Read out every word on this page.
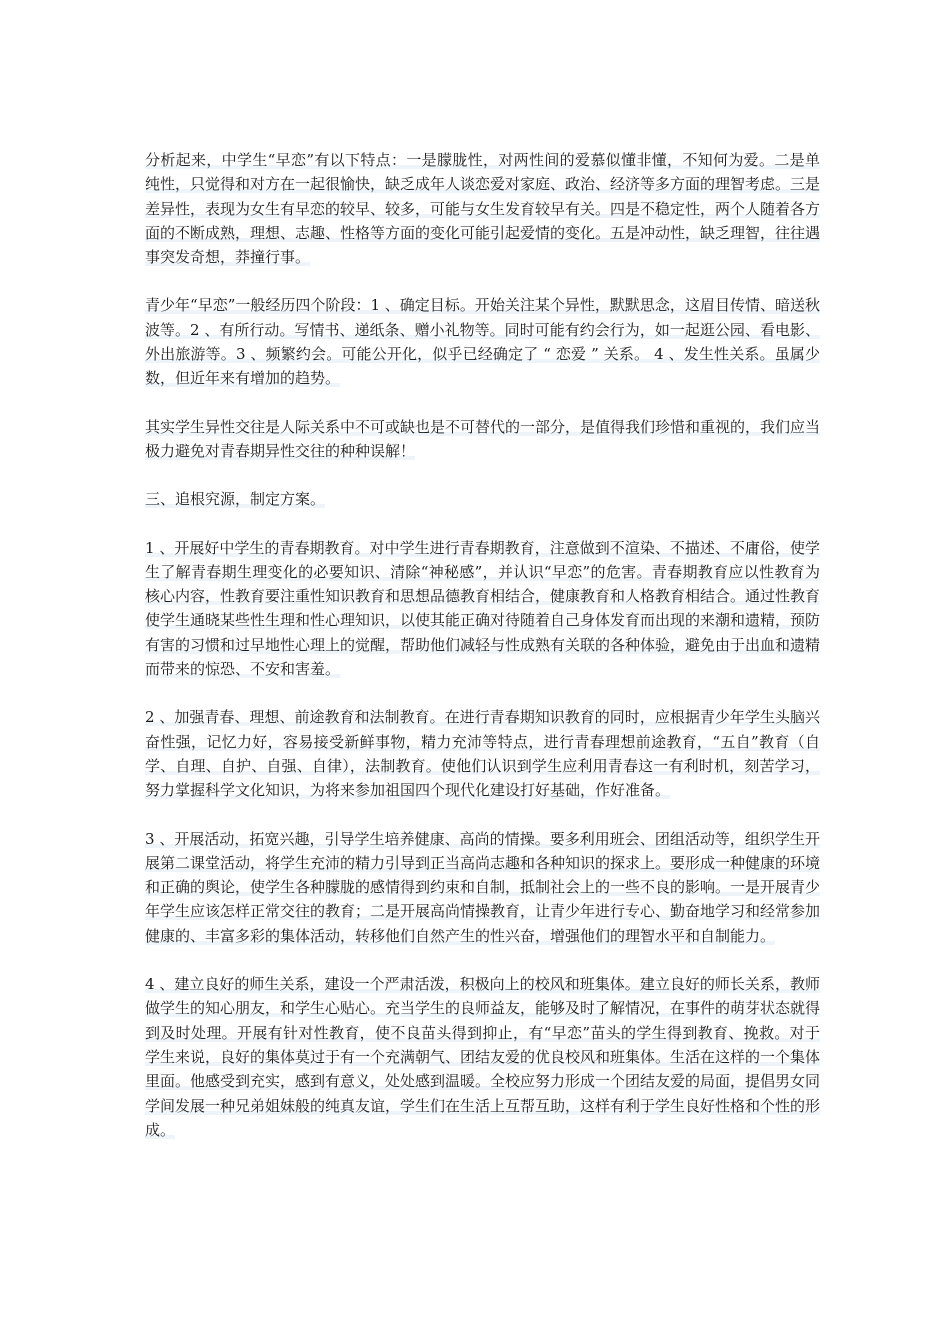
分析起来，中学生“早恋”有以下特点：一是朦胧性，对两性间的爱慕似懂非懂，不知何为爱。二是单纯性，只觉得和对方在一起很愉快，缺乏成年人谈恋爱对家庭、政治、经济等多方面的理智考虑。三是差异性，表现为女生有早恋的较早、较多，可能与女生发育较早有关。四是不稳定性，两个人随着各方面的不断成熟，理想、志趣、性格等方面的变化可能引起爱情的变化。五是冲动性，缺乏理智，往往遇事突发奇想，莽撞行事。

青少年“早恋”一般经历四个阶段：1 、确定目标。开始关注某个异性，默默思念，这眉目传情、暗送秋波等。2 、有所行动。写情书、递纸条、赠小礼物等。同时可能有约会行为，如一起逛公园、看电影、外出旅游等。3 、频繁约会。可能公开化，似乎已经确定了 “ 恋爱 ” 关系。 4 、发生性关系。虽属少数，但近年来有增加的趋势。

其实学生异性交往是人际关系中不可或缺也是不可替代的一部分，是值得我们珍惜和重视的，我们应当极力避免对青春期异性交往的种种误解！

三、追根究源，制定方案。

1 、开展好中学生的青春期教育。对中学生进行青春期教育，注意做到不渲染、不描述、不庸俗，使学生了解青春期生理变化的必要知识、清除“神秘感”，并认识“早恋”的危害。青春期教育应以性教育为核心内容，性教育要注重性知识教育和思想品德教育相结合，健康教育和人格教育相结合。通过性教育使学生通晓某些性生理和性心理知识，以使其能正确对待随着自己身体发育而出现的来潮和遗精，预防有害的习惯和过早地性心理上的觉醒，帮助他们减轻与性成熟有关联的各种体验，避免由于出血和遗精而带来的惊恐、不安和害羞。

2 、加强青春、理想、前途教育和法制教育。在进行青春期知识教育的同时，应根据青少年学生头脑兴奋性强，记忆力好，容易接受新鲜事物，精力充沛等特点，进行青春理想前途教育，“五自”教育（自学、自理、自护、自强、自律），法制教育。使他们认识到学生应利用青春这一有利时机，刻苦学习，努力掌握科学文化知识，为将来参加祖国四个现代化建设打好基础，作好准备。

3 、开展活动，拓宽兴趣，引导学生培养健康、高尚的情操。要多利用班会、团组活动等，组织学生开展第二课堂活动，将学生充沛的精力引导到正当高尚志趣和各种知识的探求上。要形成一种健康的环境和正确的舆论，使学生各种朦胧的感情得到约束和自制，抵制社会上的一些不良的影响。一是开展青少年学生应该怎样正常交往的教育；二是开展高尚情操教育，让青少年进行专心、勤奋地学习和经常参加健康的、丰富多彩的集体活动，转移他们自然产生的性兴奋，增强他们的理智水平和自制能力。

4 、建立良好的师生关系，建设一个严肃活泼，积极向上的校风和班集体。建立良好的师长关系，教师做学生的知心朋友，和学生心贴心。充当学生的良师益友，能够及时了解情况，在事件的萌芽状态就得到及时处理。开展有针对性教育，使不良苗头得到抑止，有“早恋”苗头的学生得到教育、挽救。对于学生来说，良好的集体莫过于有一个充满朝气、团结友爱的优良校风和班集体。生活在这样的一个集体里面。他感受到充实，感到有意义，处处感到温暖。全校应努力形成一个团结友爱的局面，提倡男女同学间发展一种兄弟姐妹般的纯真友谊，学生们在生活上互帮互助，这样有利于学生良好性格和个性的形成。
